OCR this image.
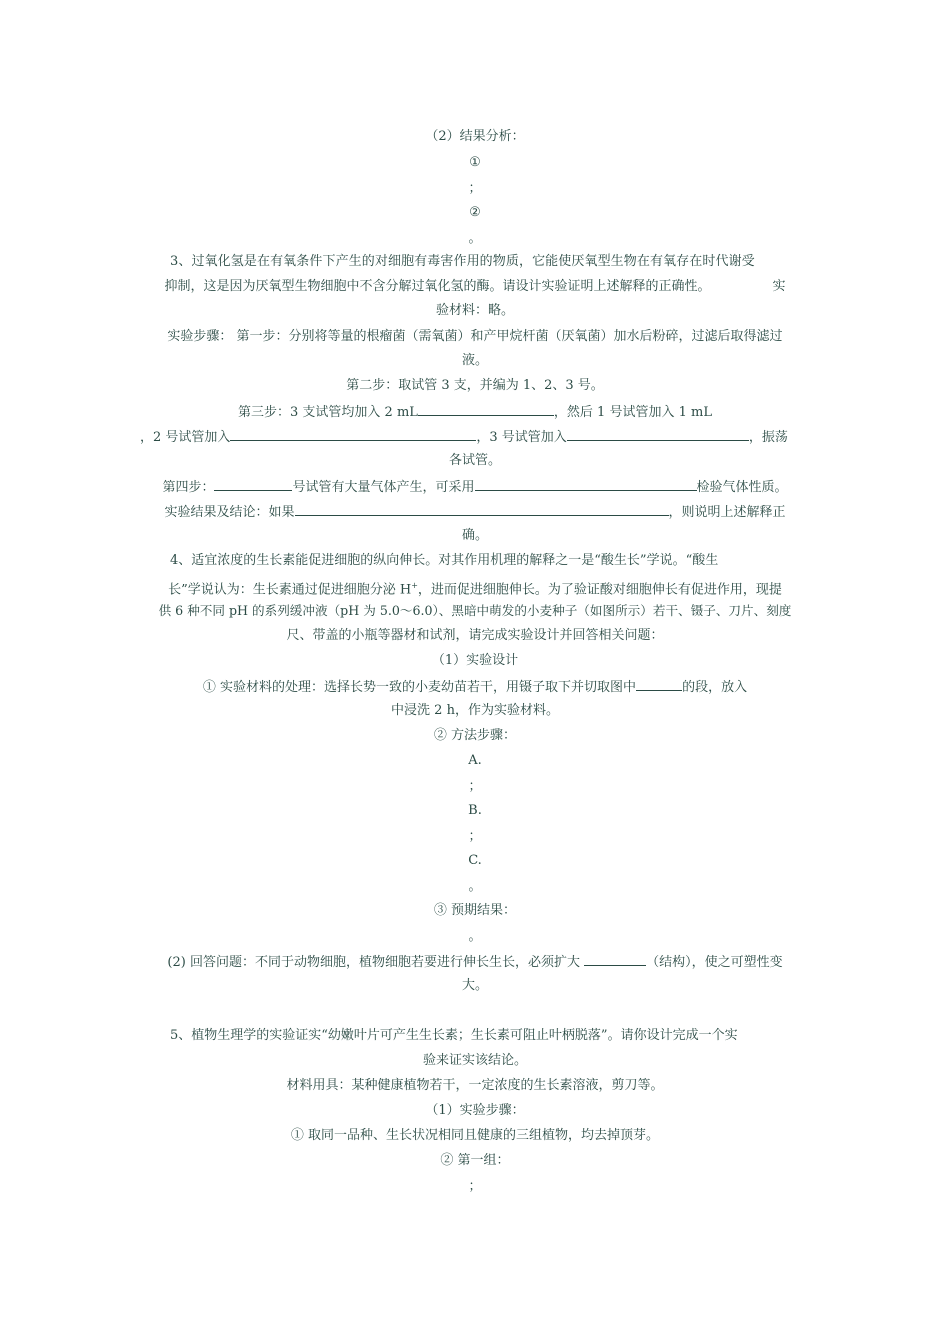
（2）结果分析：
①
；
②
。
3、过氧化氢是在有氧条件下产生的对细胞有毒害作用的物质，它能使厌氧型生物在有氧存在时代谢受
抑制，这是因为厌氧型生物细胞中不含分解过氧化氢的酶。请设计实验证明上述解释的正确性。	实
验材料：略。
实验步骤： 第一步：分别将等量的根瘤菌（需氧菌）和产甲烷杆菌（厌氧菌）加水后粉碎，过滤后取得滤过
液。
第二步：取试管 3 支，并编为 1、2、3 号。
第三步：3 支试管均加入 2 mL	，然后 1 号试管加入 1 mL
，2 号试管加入	，3 号试管加入	，振荡
各试管。
第四步：	号试管有大量气体产生，可采用	检验气体性质。
实验结果及结论：如果	，则说明上述解释正
确。
4、适宜浓度的生长素能促进细胞的纵向伸长。对其作用机理的解释之一是“酸生长”学说。“酸生
长”学说认为：生长素通过促进细胞分泌 H+，进而促进细胞伸长。为了验证酸对细胞伸长有促进作用，现提
供 6 种不同 pH 的系列缓冲液（pH 为 5.0～6.0）、黑暗中萌发的小麦种子（如图所示）若干、镊子、刀片、刻度
尺、带盖的小瓶等器材和试剂，请完成实验设计并回答相关问题：
（1）实验设计
① 实验材料的处理：选择长势一致的小麦幼苗若干，用镊子取下并切取图中	的段，放入
中浸洗 2 h，作为实验材料。
② 方法步骤：
A.
；
B.
；
C.
。
③ 预期结果：
。
(2) 回答问题：不同于动物细胞，植物细胞若要进行伸长生长，必须扩大	（结构），使之可塑性变
大。
5、植物生理学的实验证实“幼嫩叶片可产生生长素；生长素可阻止叶柄脱落”。请你设计完成一个实
验来证实该结论。
材料用具：某种健康植物若干，一定浓度的生长素溶液，剪刀等。
（1）实验步骤：
① 取同一品种、生长状况相同且健康的三组植物，均去掉顶芽。
② 第一组：
；
